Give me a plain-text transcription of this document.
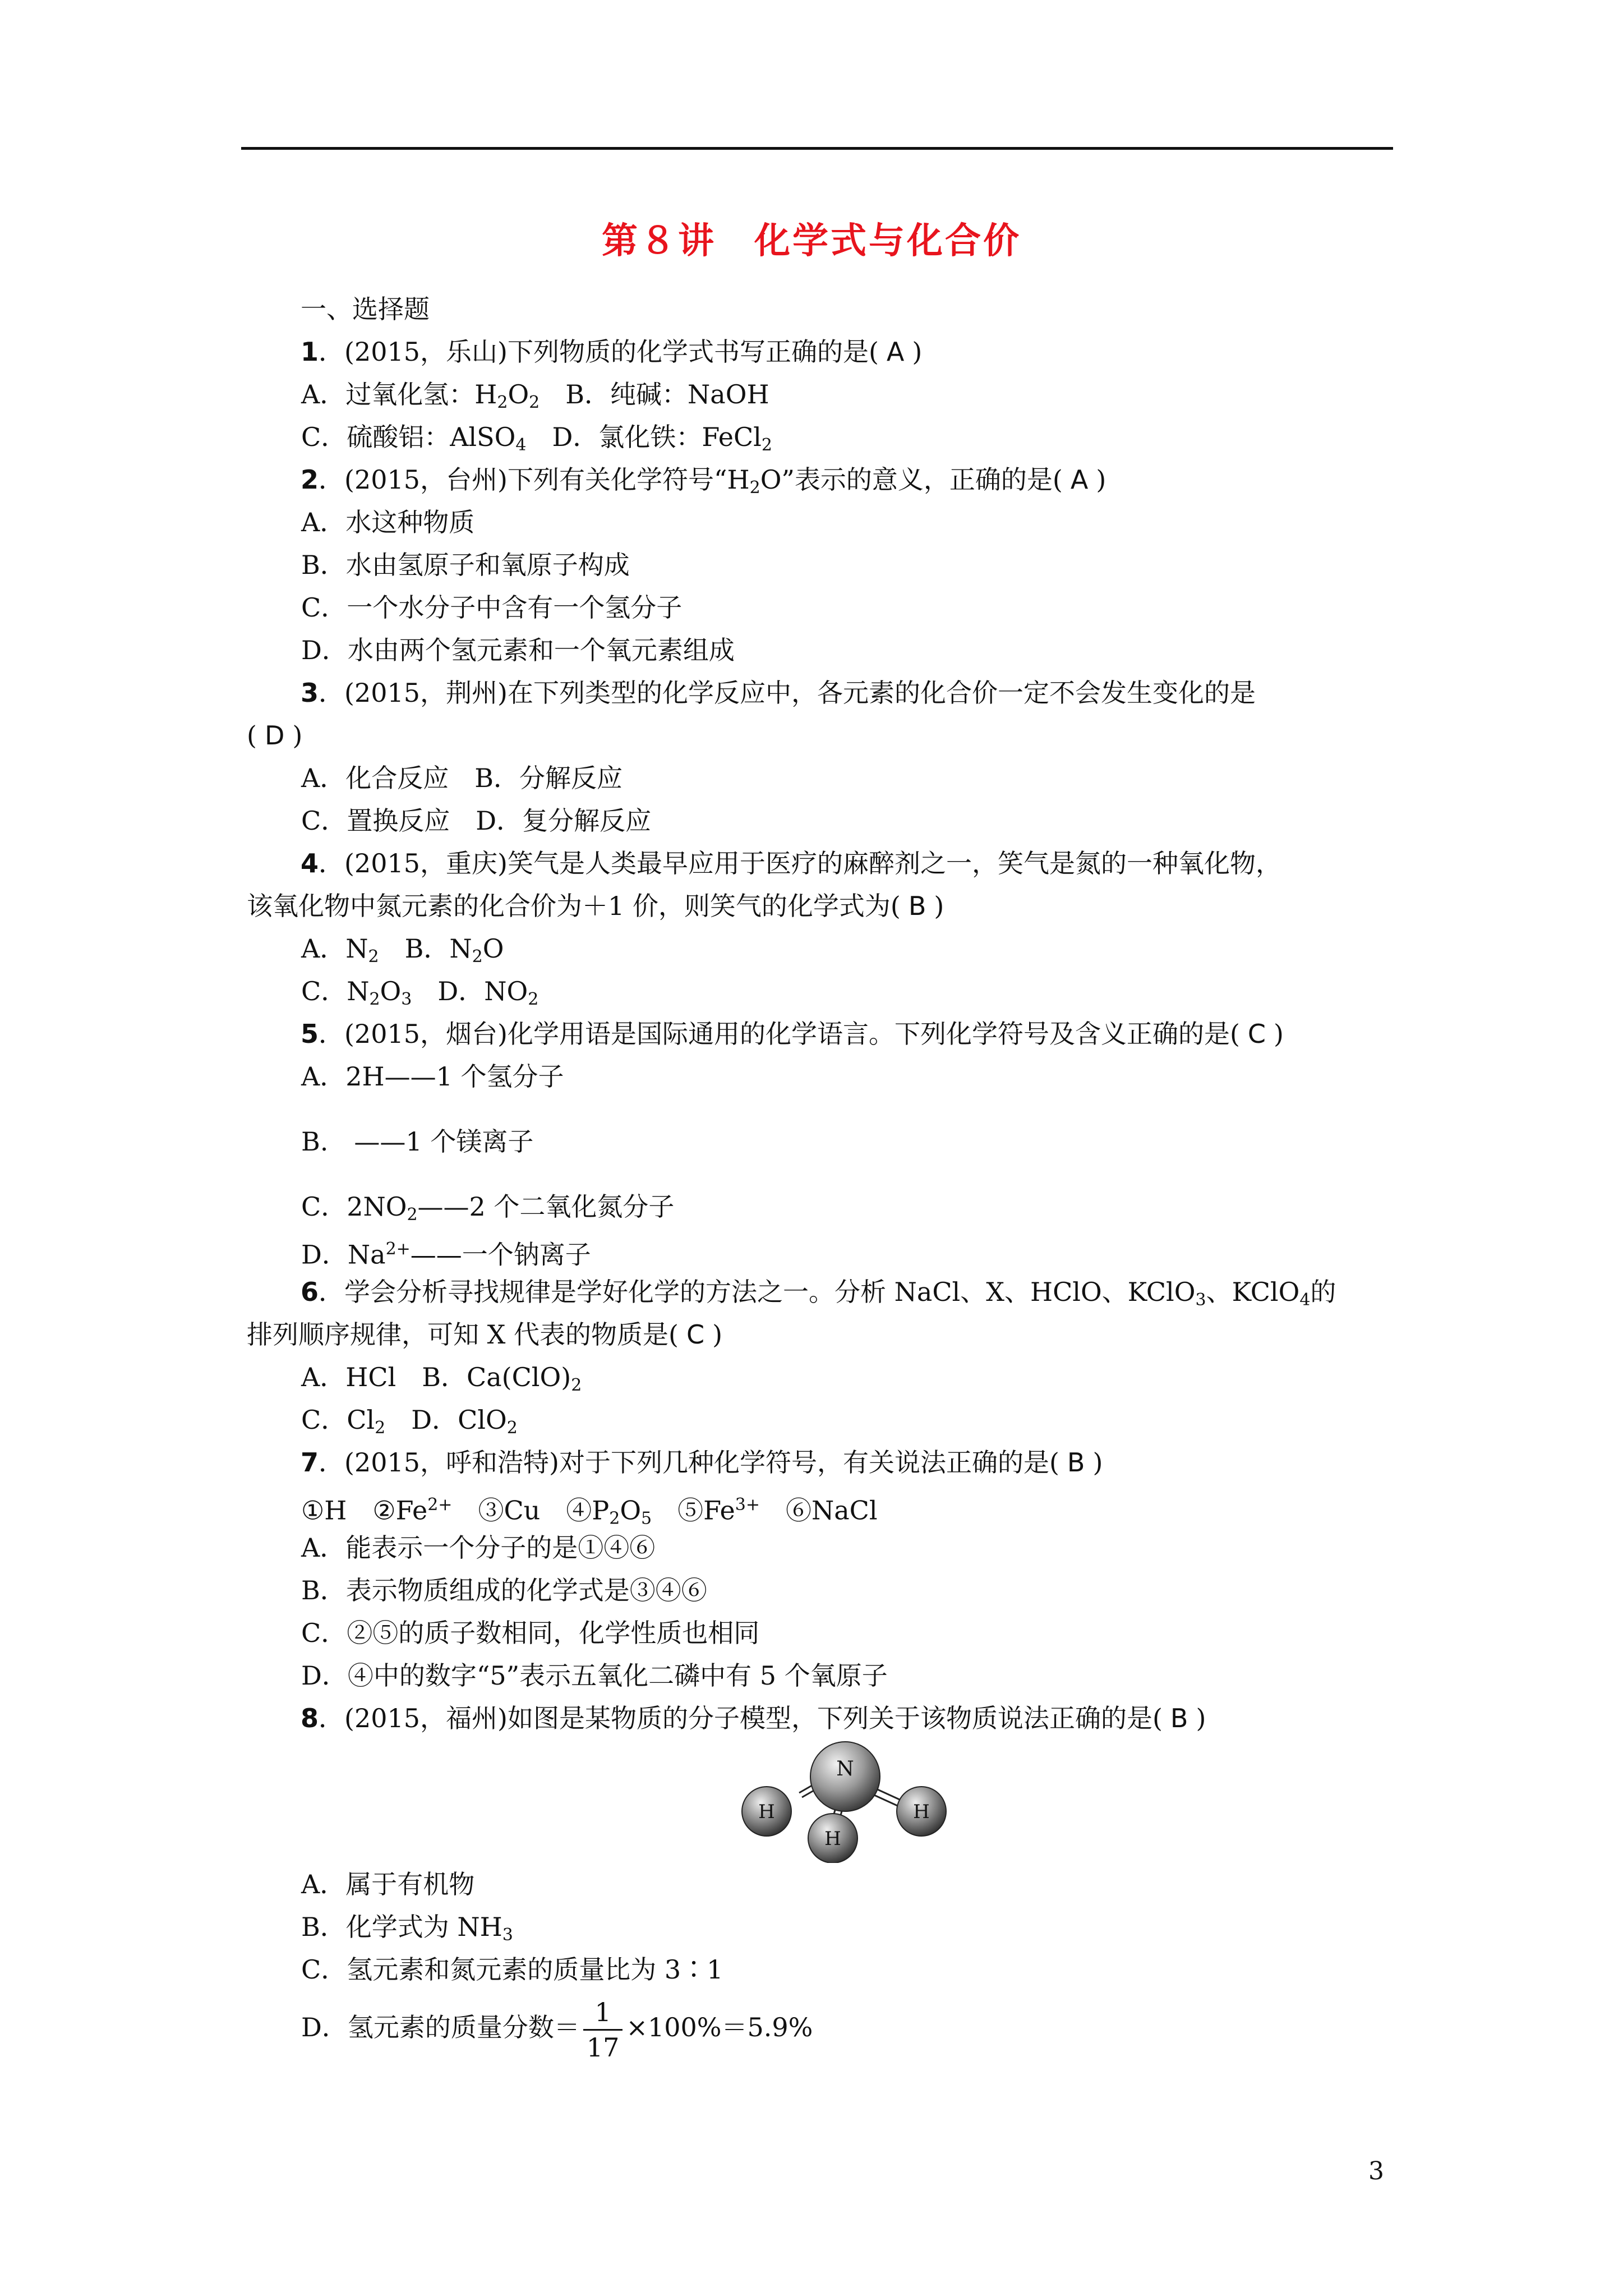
第８讲　化学式与化合价
一、选择题
1．(2015，乐山)下列物质的化学式书写正确的是( A )
A．过氧化氢：$H_2O_2$　B．纯碱：NaOH
C．硫酸铝：AlSO$_4$　D．氯化铁：FeCl$_2$
2．(2015，台州)下列有关化学符号“$H_2O$”表示的意义，正确的是( A )
A．水这种物质
B．水由氢原子和氧原子构成
C．一个水分子中含有一个氢分子
D．水由两个氢元素和一个氧元素组成
3．(2015，荆州)在下列类型的化学反应中，各元素的化合价一定不会发生变化的是
( D )
A．化合反应　B．分解反应
C．置换反应　D．复分解反应
4．(2015，重庆)笑气是人类最早应用于医疗的麻醉剂之一，笑气是氮的一种氧化物，
该氧化物中氮元素的化合价为＋1 价，则笑气的化学式为( B )
A．$N_2$　B．$N_2O$
C．$N_2O_3$　D．$NO_2$
5．(2015，烟台)化学用语是国际通用的化学语言。下列化学符号及含义正确的是( C )
A．2H——1 个氢分子
B.　——1 个镁离子
C．$2NO_2——2$ 个二氧化氮分子
D．$Na^{2+}——$一个钠离子
6．学会分析寻找规律是学好化学的方法之一。分析 NaCl、X、HClO、KClO$_3$、KClO$_4$的
排列顺序规律，可知 X 代表的物质是( C )
A．HCl　B．$Ca(ClO)_2$
C．$Cl_2$　D．ClO$_2$
7．(2015，呼和浩特)对于下列几种化学符号，有关说法正确的是( B )
①H　$②Fe^{2+}$　③Cu　$④P_2O_5$　$⑤Fe^{3+}$　⑥NaCl
A．能表示一个分子的是①④⑥
B．表示物质组成的化学式是③④⑥
C．②⑤的质子数相同，化学性质也相同
D．④中的数字“5”表示五氧化二磷中有 5 个氧原子
8．(2015，福州)如图是某物质的分子模型，下列关于该物质说法正确的是( B )
N
H	H
H
A．属于有机物
B．化学式为 $NH_3$
C．氢元素和氮元素的质量比为 3∶1
D．氢元素的质量分数＝ $\frac{1}{17} \times 100\%=5.9\%$
3
